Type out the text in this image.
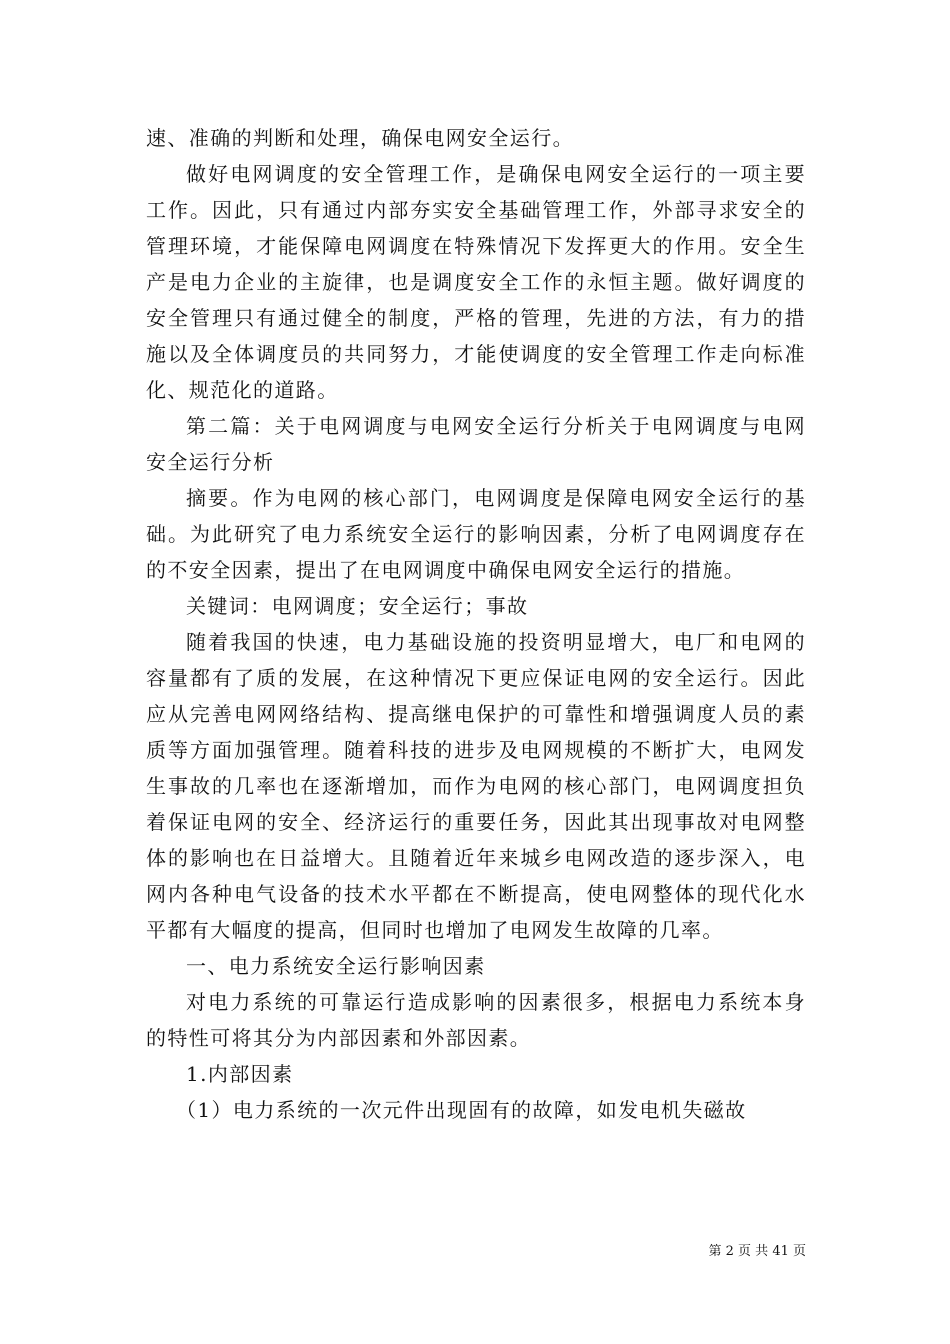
速、准确的判断和处理，确保电网安全运行。

做好电网调度的安全管理工作，是确保电网安全运行的一项主要工作。因此，只有通过内部夯实安全基础管理工作，外部寻求安全的管理环境，才能保障电网调度在特殊情况下发挥更大的作用。安全生产是电力企业的主旋律，也是调度安全工作的永恒主题。做好调度的安全管理只有通过健全的制度，严格的管理，先进的方法，有力的措施以及全体调度员的共同努力，才能使调度的安全管理工作走向标准化、规范化的道路。

第二篇：关于电网调度与电网安全运行分析关于电网调度与电网安全运行分析

摘要。作为电网的核心部门，电网调度是保障电网安全运行的基础。为此研究了电力系统安全运行的影响因素，分析了电网调度存在的不安全因素，提出了在电网调度中确保电网安全运行的措施。

关键词：电网调度；安全运行；事故

随着我国的快速，电力基础设施的投资明显增大，电厂和电网的容量都有了质的发展，在这种情况下更应保证电网的安全运行。因此应从完善电网网络结构、提高继电保护的可靠性和增强调度人员的素质等方面加强管理。随着科技的进步及电网规模的不断扩大，电网发生事故的几率也在逐渐增加，而作为电网的核心部门，电网调度担负着保证电网的安全、经济运行的重要任务，因此其出现事故对电网整体的影响也在日益增大。且随着近年来城乡电网改造的逐步深入，电网内各种电气设备的技术水平都在不断提高，使电网整体的现代化水平都有大幅度的提高，但同时也增加了电网发生故障的几率。

一、电力系统安全运行影响因素

对电力系统的可靠运行造成影响的因素很多，根据电力系统本身的特性可将其分为内部因素和外部因素。

1.内部因素

（1）电力系统的一次元件出现固有的故障，如发电机失磁故

第 2 页 共 41 页
